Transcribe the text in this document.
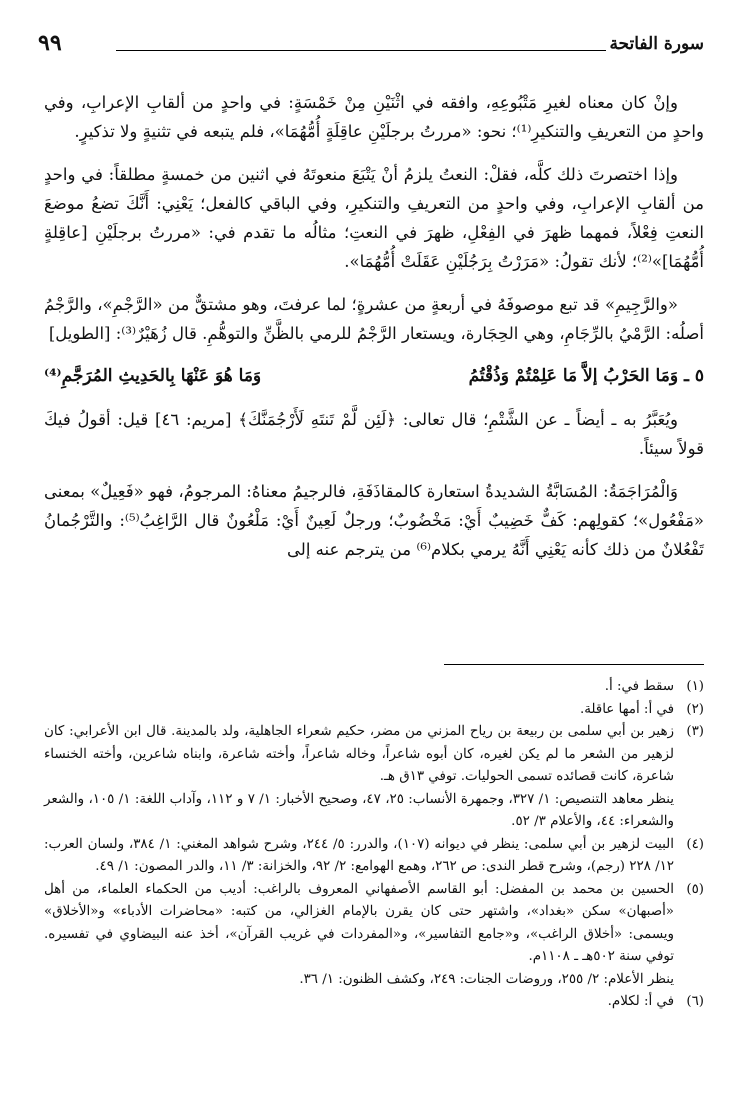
سورة الفاتحة
٩٩

وإنْ كان معناه لغيرِ مَتْبُوعِهِ، وافقه في اثْنَيْنِ مِنْ خَمْسَةٍ: في واحدٍ من ألقابِ الإعرابِ، وفي واحدٍ من التعريفِ والتنكيرِ⁽¹⁾؛ نحو: «مررتُ برجلَيْنِ عاقِلَةٍ أُمُّهُمَا»، فلم يتبعه في تثنيةٍ ولا تذكيرٍ.

وإذا اختصرتَ ذلك كلَّه، فقلْ: النعتُ يلزمُ أنْ يَتْبَعَ منعوتَهُ في اثنين من خمسةٍ مطلقاً: في واحدٍ من ألقابِ الإعرابِ، وفي واحدٍ من التعريفِ والتنكيرِ، وفي الباقي كالفعل؛ يَعْنِي: أَنَّكَ تضعُ موضعَ النعتِ فِعْلاً، فمهما ظهرَ في الفِعْلِ، ظهرَ في النعتِ؛ مثالُه ما تقدم في: «مررتُ برجلَيْنِ [عاقِلةٍ أُمُّهُمَا]»⁽²⁾؛ لأنك تقولُ: «مَرَرْتُ بِرَجُلَيْنِ عَقَلَتْ أُمُّهُمَا».

«والرَّجِيمِ» قد تبع موصوفَهُ في أربعةٍ من عشرةٍ؛ لما عرفتَ، وهو مشتقٌّ من «الرَّجْمِ»، والرَّجْمُ أصلُه: الرَّمْيُ بالرِّجَامِ، وهي الحِجَارة، ويستعار الرَّجْمُ للرمي بالظَّنِّ والتوهُّمِ. قال زُهَيْرٌ⁽³⁾: [الطويل]

٥ ـ وَمَا الحَرْبُ إلاَّ مَا عَلِمْتُمْ وَذُقْتُمُ
وَمَا هُوَ عَنْهَا بِالحَدِيثِ المُرَجَّمِ⁽⁴⁾

ويُعَبَّرُ به ـ أيضاً ـ عن الشَّتْمِ؛ قال تعالى: ﴿لَئِن لَّمْ تَنتَهِ لَأَرْجُمَنَّكَ﴾ [مريم: ٤٦] قيل: أقولُ فيكَ قولاً سيئاً.

وَالْمُرَاجَمَةُ: المُسَابَّةُ الشديدةُ استعارة كالمقاذَفَةِ، فالرجيمُ معناهُ: المرجومُ، فهو «فَعِيلٌ» بمعنى «مَفْعُول»؛ كقولِهم: كَفٌّ خَضِيبٌ أَيْ: مَخْضُوبٌ؛ ورجلٌ لَعِينٌ أَيْ: مَلْعُونٌ قال الرَّاغِبُ⁽⁵⁾: والتَّرْجُمانُ تَفْعُلانٌ من ذلك كأنه يَعْنِي أَنَّهُ يرمي بكلام⁽⁶⁾ من يترجم عنه إلى

(١)
سقط في: أ.
(٢)
في أ: أمها عاقلة.
(٣)
زهير بن أبي سلمى بن ربيعة بن رياح المزني من مضر، حكيم شعراء الجاهلية، ولد بالمدينة. قال ابن الأعرابي: كان لزهير من الشعر ما لم يكن لغيره، كان أبوه شاعراً، وخاله شاعراً، وأخته شاعرة، وابناه شاعرين، وأخته الخنساء شاعرة، كانت قصائده تسمى الحوليات. توفي ١٣ق هـ.
ينظر معاهد التنصيص: ١/ ٣٢٧، وجمهرة الأنساب: ٢٥، ٤٧، وصحيح الأخبار: ١/ ٧ و ١١٢، وآداب اللغة: ١/ ١٠٥، والشعر والشعراء: ٤٤، والأعلام ٣/ ٥٢.
(٤)
البيت لزهير بن أبي سلمى: ينظر في ديوانه (١٠٧)، والدرر: ٥/ ٢٤٤، وشرح شواهد المغني: ١/ ٣٨٤، ولسان العرب: ١٢/ ٢٢٨ (رجم)، وشرح قطر الندى: ص ٢٦٢، وهمع الهوامع: ٢/ ٩٢، والخزانة: ٣/ ١١، والدر المصون: ١/ ٤٩.
(٥)
الحسين بن محمد بن المفضل: أبو القاسم الأصفهاني المعروف بالراغب: أديب من الحكماء العلماء، من أهل «أصبهان» سكن «بغداد»، واشتهر حتى كان يقرن بالإمام الغزالي، من كتبه: «محاضرات الأدباء» و«الأخلاق» ويسمى: «أخلاق الراغب»، و«جامع التفاسير»، و«المفردات في غريب القرآن»، أخذ عنه البيضاوي في تفسيره. توفي سنة ٥٠٢هـ ـ ١١٠٨م.
ينظر الأعلام: ٢/ ٢٥٥، وروضات الجنات: ٢٤٩، وكشف الظنون: ١/ ٣٦.
(٦)
في أ: لكلام.
